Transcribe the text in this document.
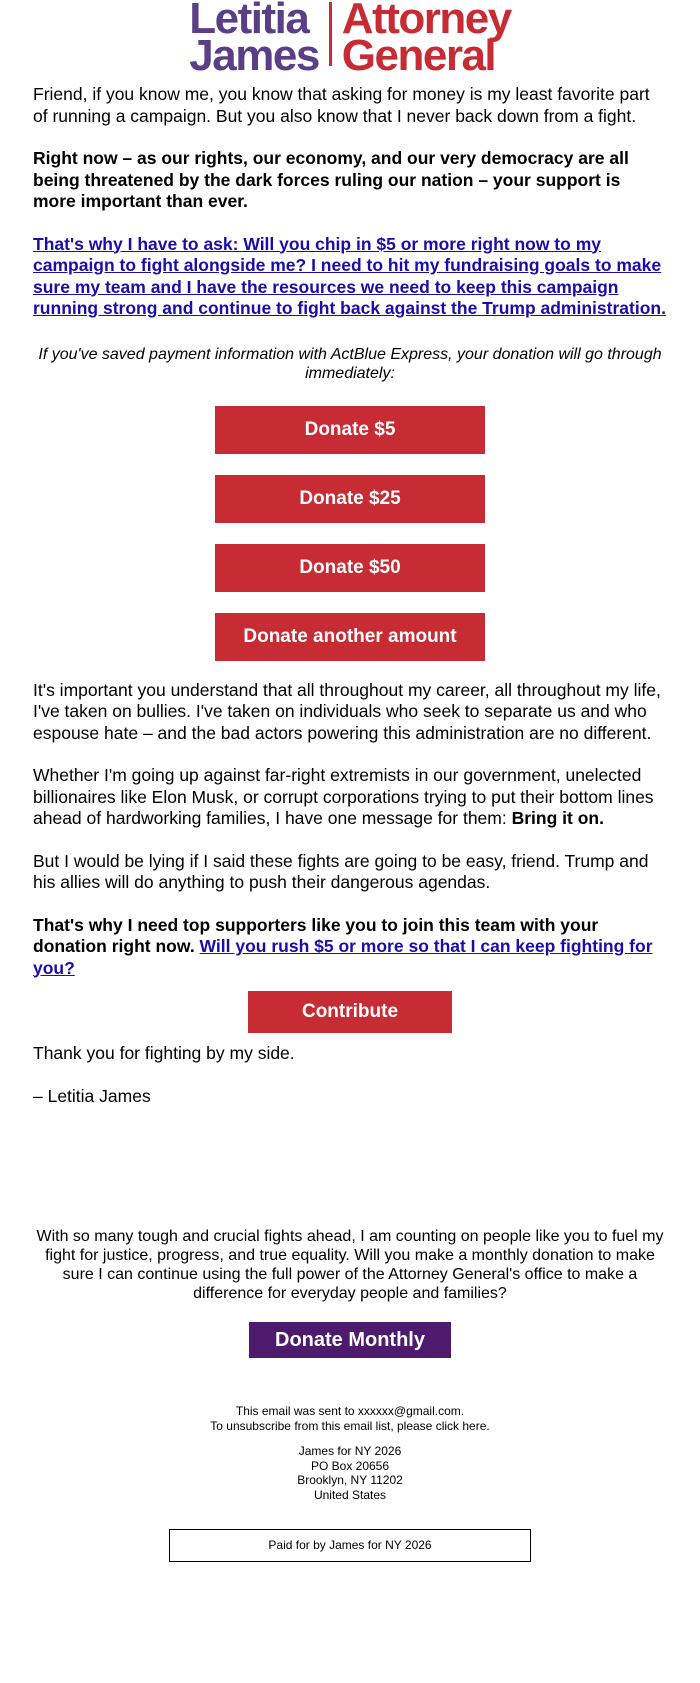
Letitia
James
Attorney
General

Friend, if you know me, you know that asking for money is my least favorite part of running a campaign. But you also know that I never back down from a fight.

Right now – as our rights, our economy, and our very democracy are all being threatened by the dark forces ruling our nation – your support is more important than ever.

That's why I have to ask: Will you chip in $5 or more right now to my campaign to fight alongside me? I need to hit my fundraising goals to make sure my team and I have the resources we need to keep this campaign running strong and continue to fight back against the Trump administration.

If you've saved payment information with ActBlue Express, your donation will go through immediately:

Donate $5
Donate $25
Donate $50
Donate another amount

It's important you understand that all throughout my career, all throughout my life, I've taken on bullies. I've taken on individuals who seek to separate us and who espouse hate – and the bad actors powering this administration are no different.

Whether I'm going up against far-right extremists in our government, unelected billionaires like Elon Musk, or corrupt corporations trying to put their bottom lines ahead of hardworking families, I have one message for them: Bring it on.

But I would be lying if I said these fights are going to be easy, friend. Trump and his allies will do anything to push their dangerous agendas.

That's why I need top supporters like you to join this team with your donation right now. Will you rush $5 or more so that I can keep fighting for you?

Contribute

Thank you for fighting by my side.

– Letitia James

With so many tough and crucial fights ahead, I am counting on people like you to fuel my fight for justice, progress, and true equality. Will you make a monthly donation to make sure I can continue using the full power of the Attorney General's office to make a difference for everyday people and families?

Donate Monthly
This email was sent to xxxxxx@gmail.com.
To unsubscribe from this email list, please click here.
James for NY 2026
PO Box 20656
Brooklyn, NY 11202
United States
Paid for by James for NY 2026
